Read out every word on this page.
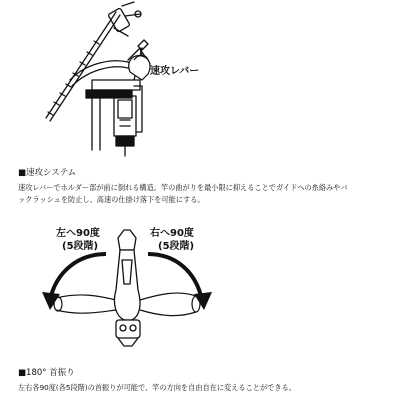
速攻レバー
■速攻システム
速攻レバーでホルダー部が前に倒れる構造。竿の曲がりを最小限に抑えることでガイドへの糸絡みやバ
ックラッシュを防止し、高速の仕掛け落下を可能にする。
左へ90度
(5段階)
右へ90度
(5段階)
■180° 首振り
左右各90度(各5段階)の首振りが可能で、竿の方向を自由自在に変えることができる。
